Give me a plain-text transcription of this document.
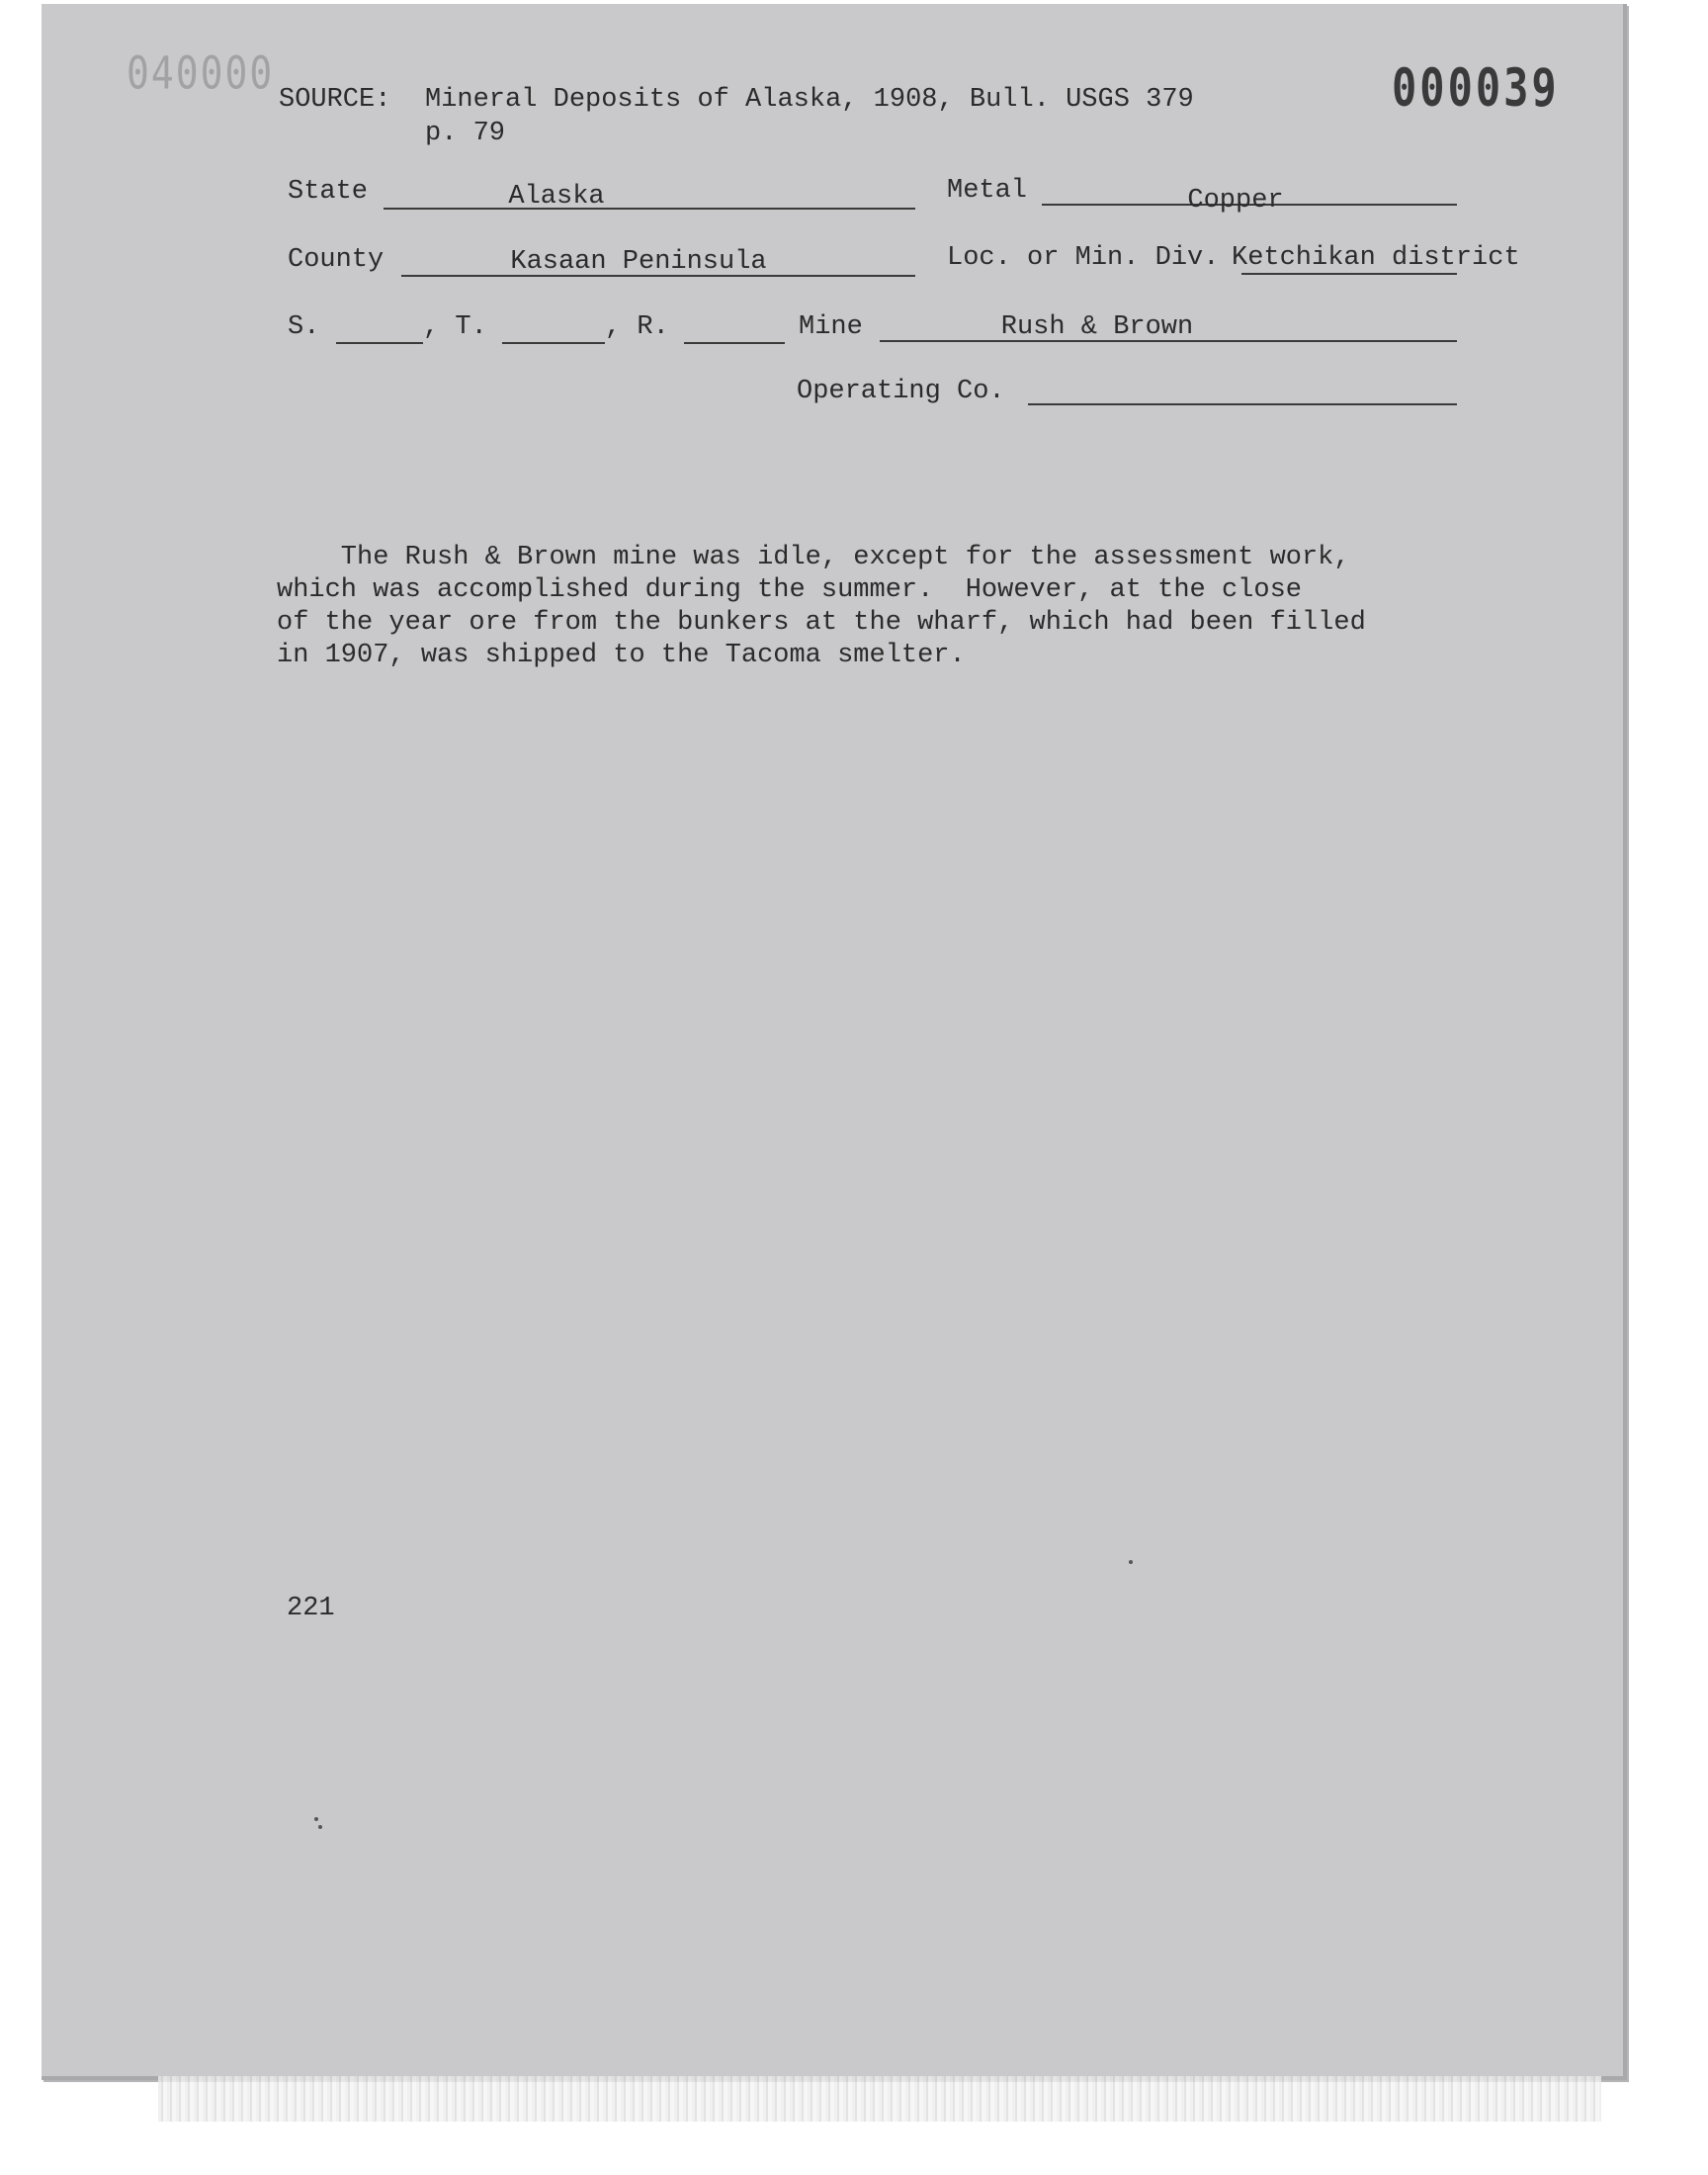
040000	000039
SOURCE: Mineral Deposits of Alaska, 1908, Bull. USGS 379
p. 79
State	Alaska	Metal	Copper
County	Kasaan Peninsula	Loc. or Min. Div. Ketchikan district
S.	, T.	, R.	Mine	Rush & Brown
Operating Co.
The Rush & Brown mine was idle, except for the assessment work,
which was accomplished during the summer.  However, at the close
of the year ore from the bunkers at the wharf, which had been filled
in 1907, was shipped to the Tacoma smelter.
221
